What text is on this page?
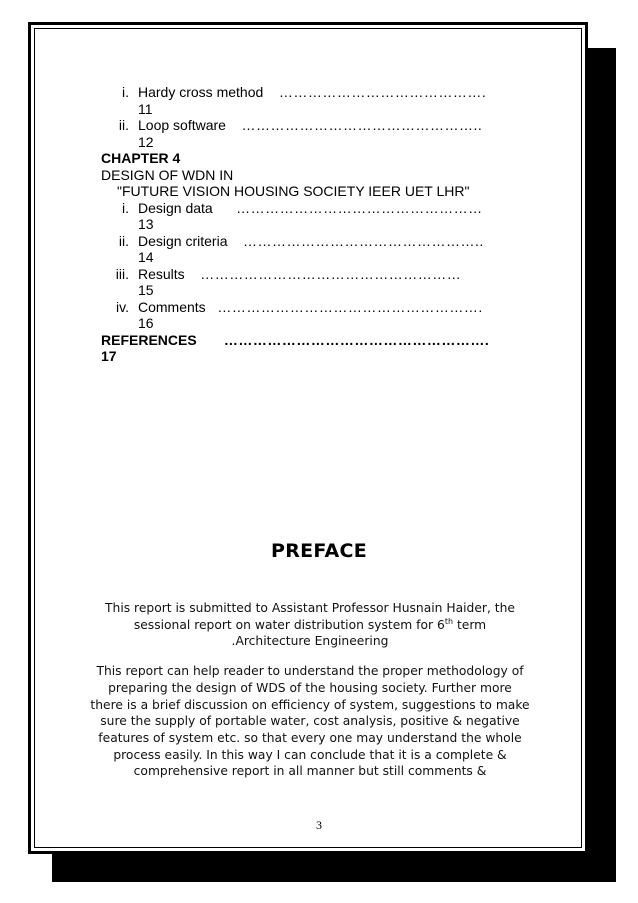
i. Hardy cross method …………………………………….
11
ii. Loop software …………………………………………..
12
CHAPTER 4
DESIGN OF WDN IN
"FUTURE VISION HOUSING SOCIETY IEER UET LHR"
i. Design data ……………………………………………
13
ii. Design criteria …………………………………………..
14
iii. Results ………………………………………………
15
iv. Comments ……………………………………………….
16
REFERENCES ……………………………………………….
17
PREFACE

This report is submitted to Assistant Professor Husnain Haider, the sessional report on water distribution system for 6th term
.Architecture Engineering

This report can help reader to understand the proper methodology of preparing the design of WDS of the housing society. Further more there is a brief discussion on efficiency of system, suggestions to make sure the supply of portable water, cost analysis, positive & negative features of system etc. so that every one may understand the whole process easily. In this way I can conclude that it is a complete & comprehensive report in all manner but still comments &

3
